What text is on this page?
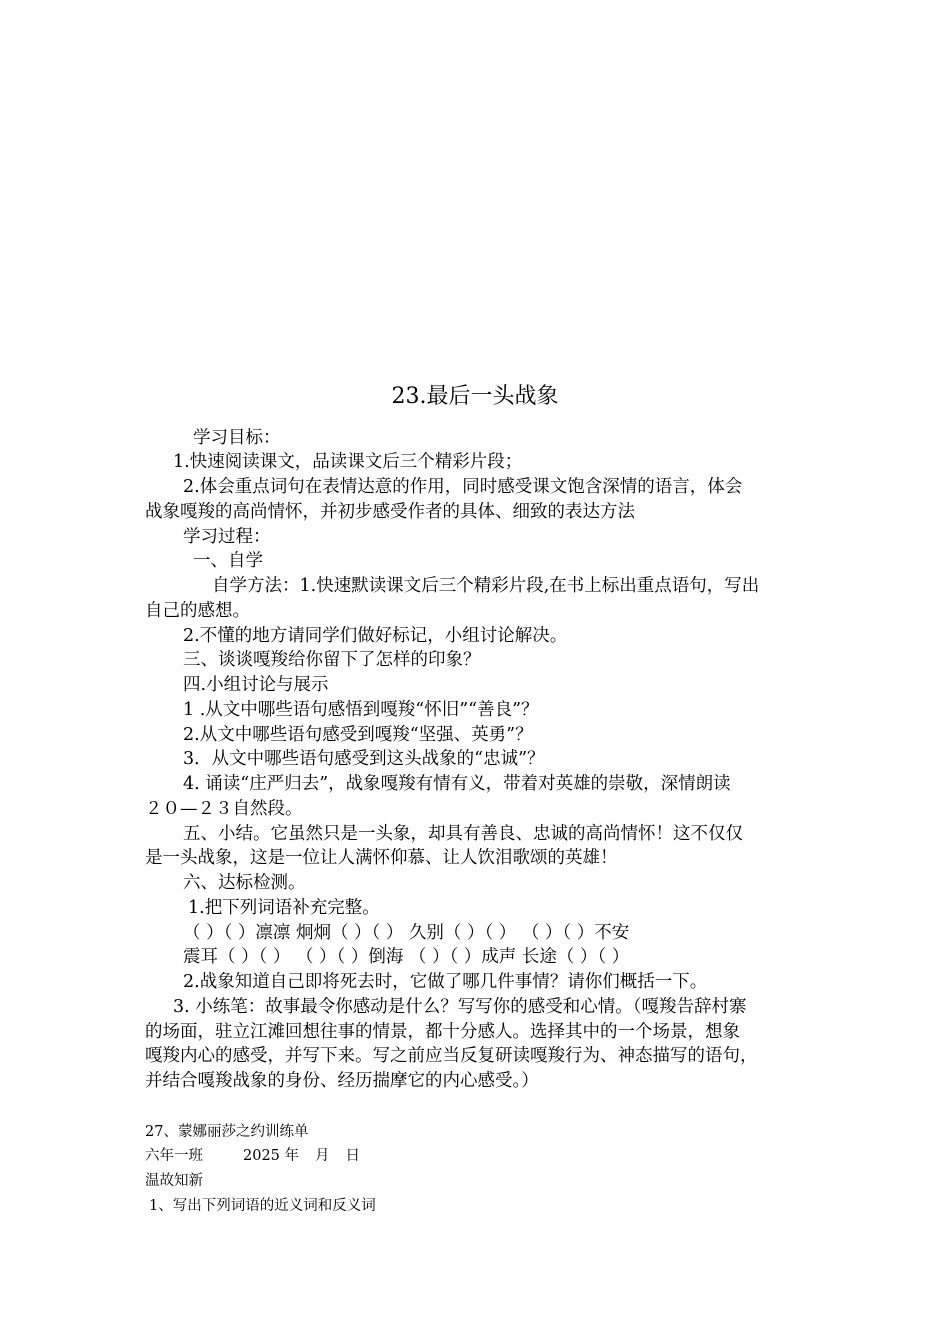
23.最后一头战象
学习目标：
1.快速阅读课文，品读课文后三个精彩片段；
2.体会重点词句在表情达意的作用，同时感受课文饱含深情的语言，体会
战象嘎羧的高尚情怀，并初步感受作者的具体、细致的表达方法
学习过程：
一、自学
自学方法：1.快速默读课文后三个精彩片段,在书上标出重点语句，写出
自己的感想。
2.不懂的地方请同学们做好标记，小组讨论解决。
三、谈谈嘎羧给你留下了怎样的印象？
四.小组讨论与展示
1 .从文中哪些语句感悟到嘎羧“怀旧”“善良”？
2.从文中哪些语句感受到嘎羧“坚强、英勇”？
3．从文中哪些语句感受到这头战象的“忠诚”？
4. 诵读“庄严归去”，战象嘎羧有情有义，带着对英雄的崇敬，深情朗读
２０—２３自然段。
五、小结。它虽然只是一头象，却具有善良、忠诚的高尚情怀！这不仅仅
是一头战象，这是一位让人满怀仰慕、让人饮泪歌颂的英雄！
六、达标检测。
1.把下列词语补充完整。
（ ）（ ）凛凛 炯炯（ ）（ ） 久别（ ）（ ） （ ）（ ）不安
震耳（ ）（ ） （ ）（ ）倒海 （ ）（ ）成声 长途（ ）（ ）
2.战象知道自己即将死去时，它做了哪几件事情？请你们概括一下。
3. 小练笔：故事最令你感动是什么？写写你的感受和心情。（嘎羧告辞村寨
的场面，驻立江滩回想往事的情景，都十分感人。选择其中的一个场景，想象
嘎羧内心的感受，并写下来。写之前应当反复研读嘎羧行为、神态描写的语句，
并结合嘎羧战象的身份、经历揣摩它的内心感受。）
27、蒙娜丽莎之约训练单
六年一班	2025 年 月 日
温故知新
1、写出下列词语的近义词和反义词
